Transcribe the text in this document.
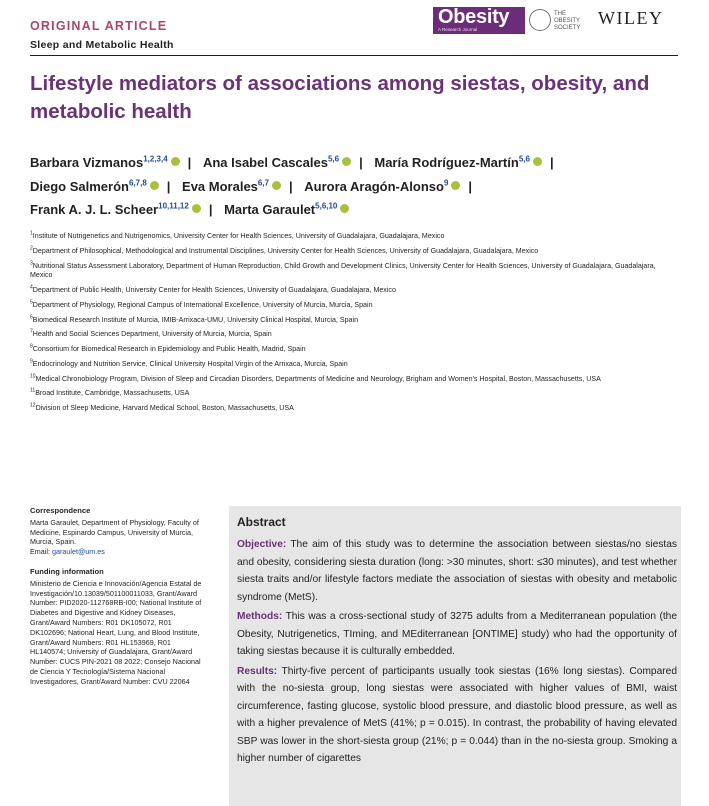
ORIGINAL ARTICLE
Sleep and Metabolic Health
Obesity
A Research Journal
THE OBESITY SOCIETY WILEY
Lifestyle mediators of associations among siestas, obesity, and metabolic health
Barbara Vizmanos$^{1,2,3,4}$ | Ana Isabel Cascales$^{5,6}$ | María Rodríguez-Martín$^{5,6}$ |
Diego Salmerón$^{6,7,8}$ | Eva Morales$^{6,7}$ | Aurora Aragón-Alonso$^9$ |
Frank A. J. L. Scheer$^{10,11,12}$ | Marta Garaulet$^{5,6,10}$
$^1$Institute of Nutrigenetics and Nutrigenomics, University Center for Health Sciences, University of Guadalajara, Guadalajara, Mexico
$^2$Department of Philosophical, Methodological and Instrumental Disciplines, University Center for Health Sciences, University of Guadalajara, Guadalajara, Mexico
$^3$Nutritional Status Assessment Laboratory, Department of Human Reproduction, Child Growth and Development Clinics, University Center for Health Sciences, University of Guadalajara, Guadalajara, Mexico
$^4$Department of Public Health, University Center for Health Sciences, University of Guadalajara, Guadalajara, Mexico
$^5$Department of Physiology, Regional Campus of International Excellence, University of Murcia, Murcia, Spain
$^6$Biomedical Research Institute of Murcia, IMIB-Arrixaca-UMU, University Clinical Hospital, Murcia, Spain
$^7$Health and Social Sciences Department, University of Murcia, Murcia, Spain
$^8$Consortium for Biomedical Research in Epidemiology and Public Health, Madrid, Spain
$^9$Endocrinology and Nutrition Service, Clinical University Hospital Virgin of the Arrixaca, Murcia, Spain
$^{10}$Medical Chronobiology Program, Division of Sleep and Circadian Disorders, Departments of Medicine and Neurology, Brigham and Women's Hospital, Boston, Massachusetts, USA
$^{11}$Broad Institute, Cambridge, Massachusetts, USA
$^{12}$Division of Sleep Medicine, Harvard Medical School, Boston, Massachusetts, USA
Correspondence
Marta Garaulet, Department of Physiology, Faculty of Medicine, Espinardo Campus, University of Murcia, Murcia, Spain.
Email: garaulet@um.es
Funding information
Ministerio de Ciencia e Innovación/Agencia Estatal de Investigación/10.13039/501100011033, Grant/Award Number: PID2020-112768RB-I00; National Institute of Diabetes and Digestive and Kidney Diseases, Grant/Award Numbers: R01 DK105072, R01 DK102696; National Heart, Lung, and Blood Institute, Grant/Award Numbers: R01 HL153969, R01 HL140574; University of Guadalajara, Grant/Award Number: CUCS PIN-2021 08 2022; Consejo Nacional de Ciencia Y Tecnología/Sistema Nacional Investigadores, Grant/Award Number: CVU 22064
Abstract

Objective: The aim of this study was to determine the association between siestas/no siestas and obesity, considering siesta duration (long: >30 minutes, short: ≤30 minutes), and test whether siesta traits and/or lifestyle factors mediate the association of siestas with obesity and metabolic syndrome (MetS).

Methods: This was a cross-sectional study of 3275 adults from a Mediterranean population (the Obesity, Nutrigenetics, TIming, and MEditerranean [ONTIME] study) who had the opportunity of taking siestas because it is culturally embedded.

Results: Thirty-five percent of participants usually took siestas (16% long siestas). Compared with the no-siesta group, long siestas were associated with higher values of BMI, waist circumference, fasting glucose, systolic blood pressure, and diastolic blood pressure, as well as with a higher prevalence of MetS (41%; p = 0.015). In contrast, the probability of having elevated SBP was lower in the short-siesta group (21%; p = 0.044) than in the no-siesta group. Smoking a higher number of cigarettes
